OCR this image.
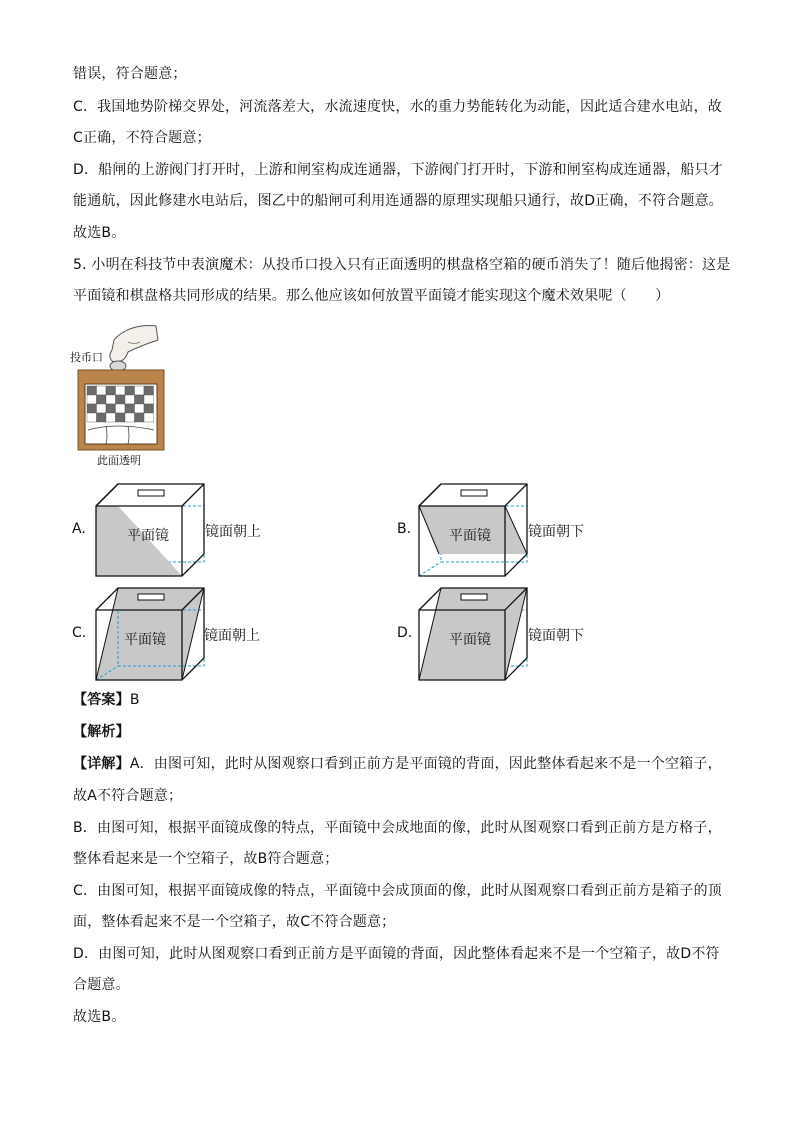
错误，符合题意；
C．我国地势阶梯交界处，河流落差大，水流速度快，水的重力势能转化为动能，因此适合建水电站，故
C正确，不符合题意；
D．船闸的上游阀门打开时，上游和闸室构成连通器，下游阀门打开时，下游和闸室构成连通器，船只才
能通航，因此修建水电站后，图乙中的船闸可利用连通器的原理实现船只通行，故D正确，不符合题意。
故选B。
5. 小明在科技节中表演魔术：从投币口投入只有正面透明的棋盘格空箱的硬币消失了！随后他揭密：这是
平面镜和棋盘格共同形成的结果。那么他应该如何放置平面镜才能实现这个魔术效果呢（　　）
投币口
此面透明
A.	平面镜	镜面朝上	B.	平面镜	镜面朝下
C.	平面镜	镜面朝上	D.	平面镜	镜面朝下
【答案】B
【解析】
【详解】A．由图可知，此时从图观察口看到正前方是平面镜的背面，因此整体看起来不是一个空箱子，
故A不符合题意；
B．由图可知，根据平面镜成像的特点，平面镜中会成地面的像，此时从图观察口看到正前方是方格子，
整体看起来是一个空箱子，故B符合题意；
C．由图可知，根据平面镜成像的特点，平面镜中会成顶面的像，此时从图观察口看到正前方是箱子的顶
面，整体看起来不是一个空箱子，故C不符合题意；
D．由图可知，此时从图观察口看到正前方是平面镜的背面，因此整体看起来不是一个空箱子，故D不符
合题意。
故选B。
